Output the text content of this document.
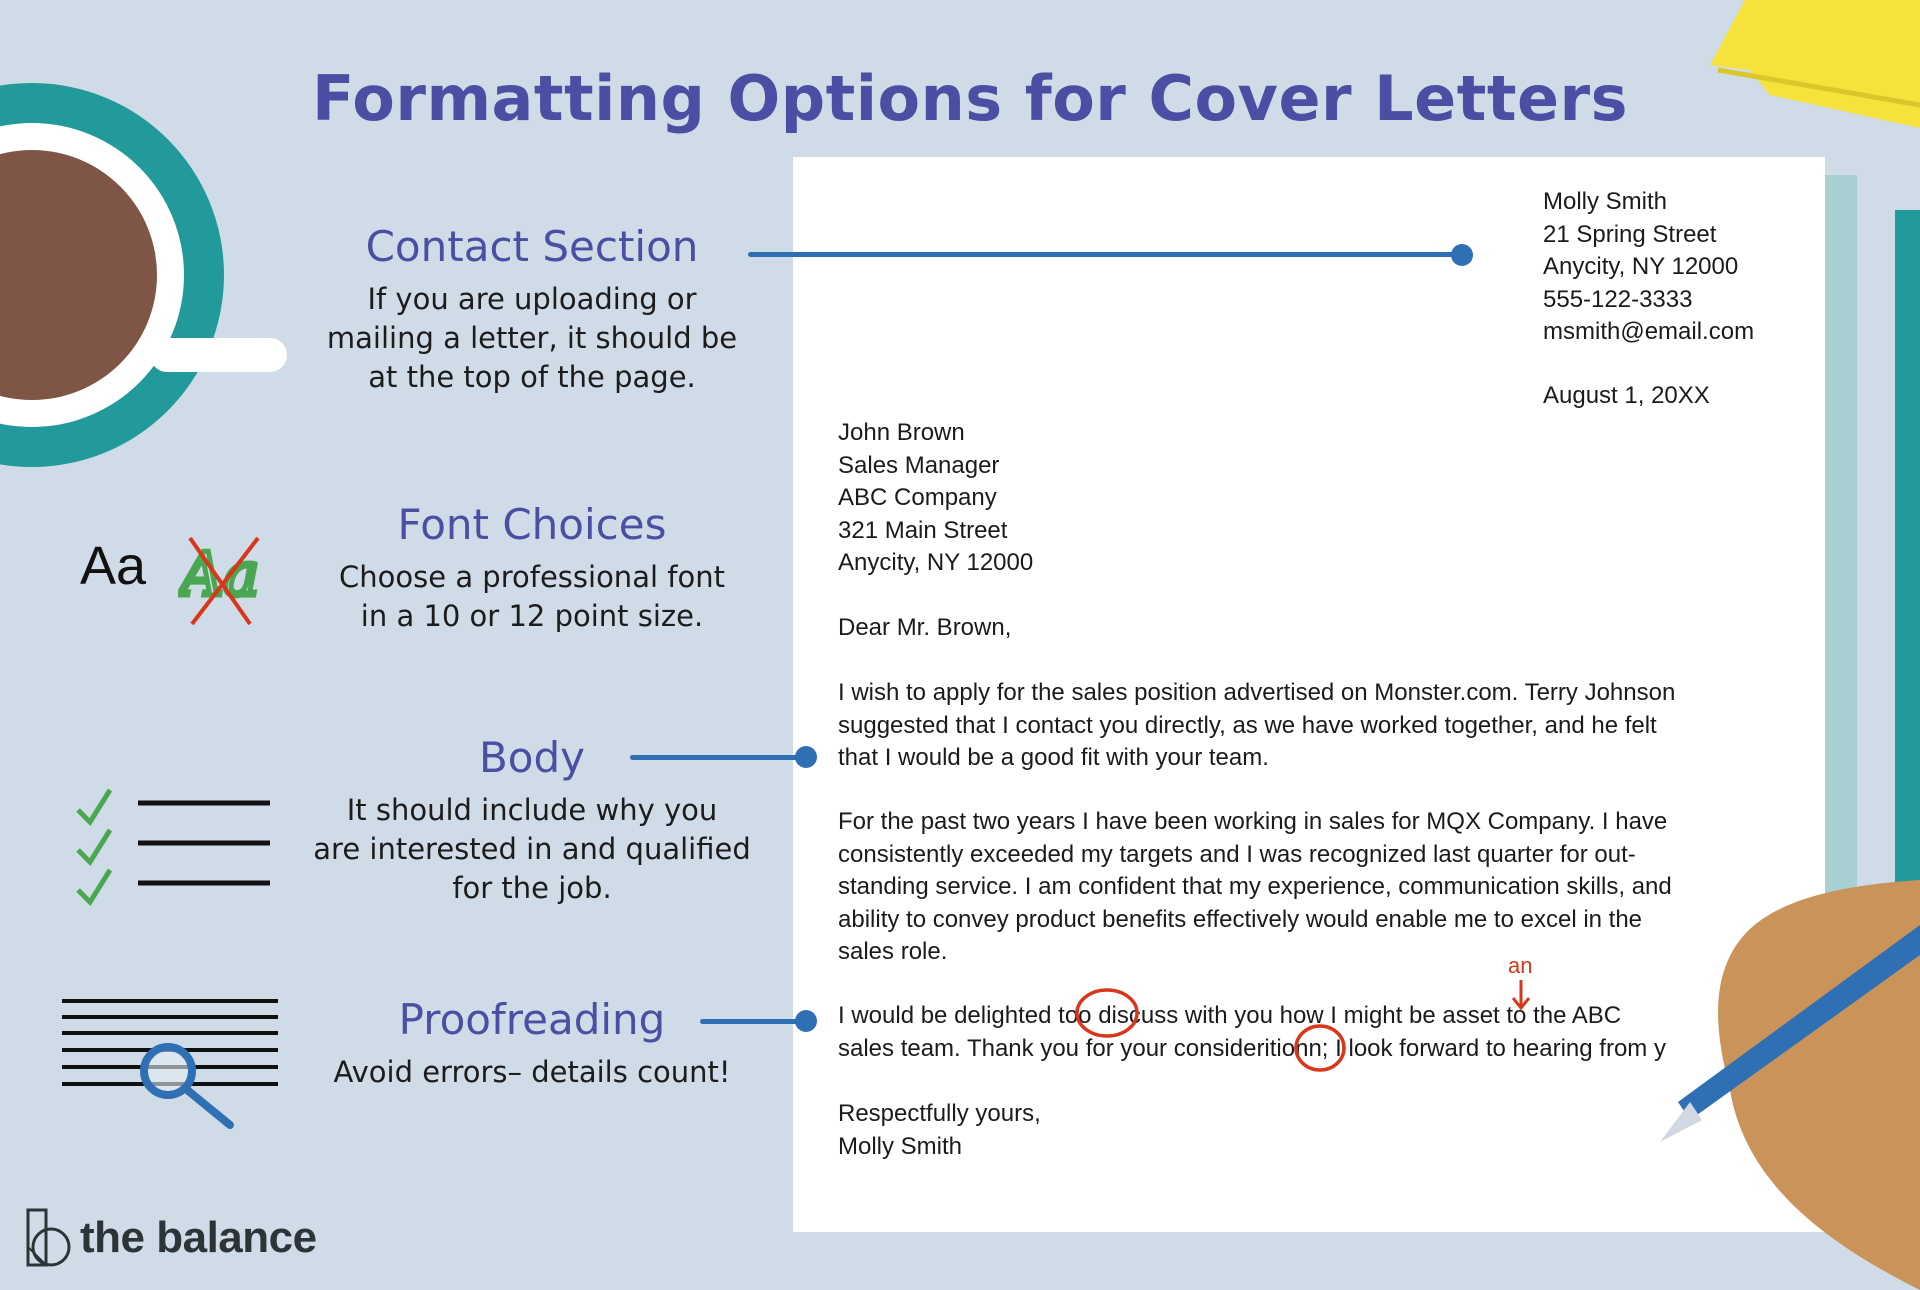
Formatting Options for Cover Letters
Contact Section
If you are uploading or
mailing a letter, it should be
at the top of the page.
Aa Aa
Font Choices
Choose a professional font
in a 10 or 12 point size.
Body
It should include why you
are interested in and qualified
for the job.
Proofreading
Avoid errors– details count!
Molly Smith
21 Spring Street
Anycity, NY 12000
555-122-3333
msmith@email.com
August 1, 20XX
John Brown
Sales Manager
ABC Company
321 Main Street
Anycity, NY 12000
Dear Mr. Brown,
I wish to apply for the sales position advertised on Monster.com. Terry Johnson
suggested that I contact you directly, as we have worked together, and he felt
that I would be a good fit with your team.
For the past two years I have been working in sales for MQX Company. I have
consistently exceeded my targets and I was recognized last quarter for out-
standing service. I am confident that my experience, communication skills, and
ability to convey product benefits effectively would enable me to excel in the
sales role.
I would be delighted too discuss with you how I might be asset to the ABC
sales team. Thank you for your consideritionn; I look forward to hearing from y
an
Respectfully yours,
Molly Smith
the balance
